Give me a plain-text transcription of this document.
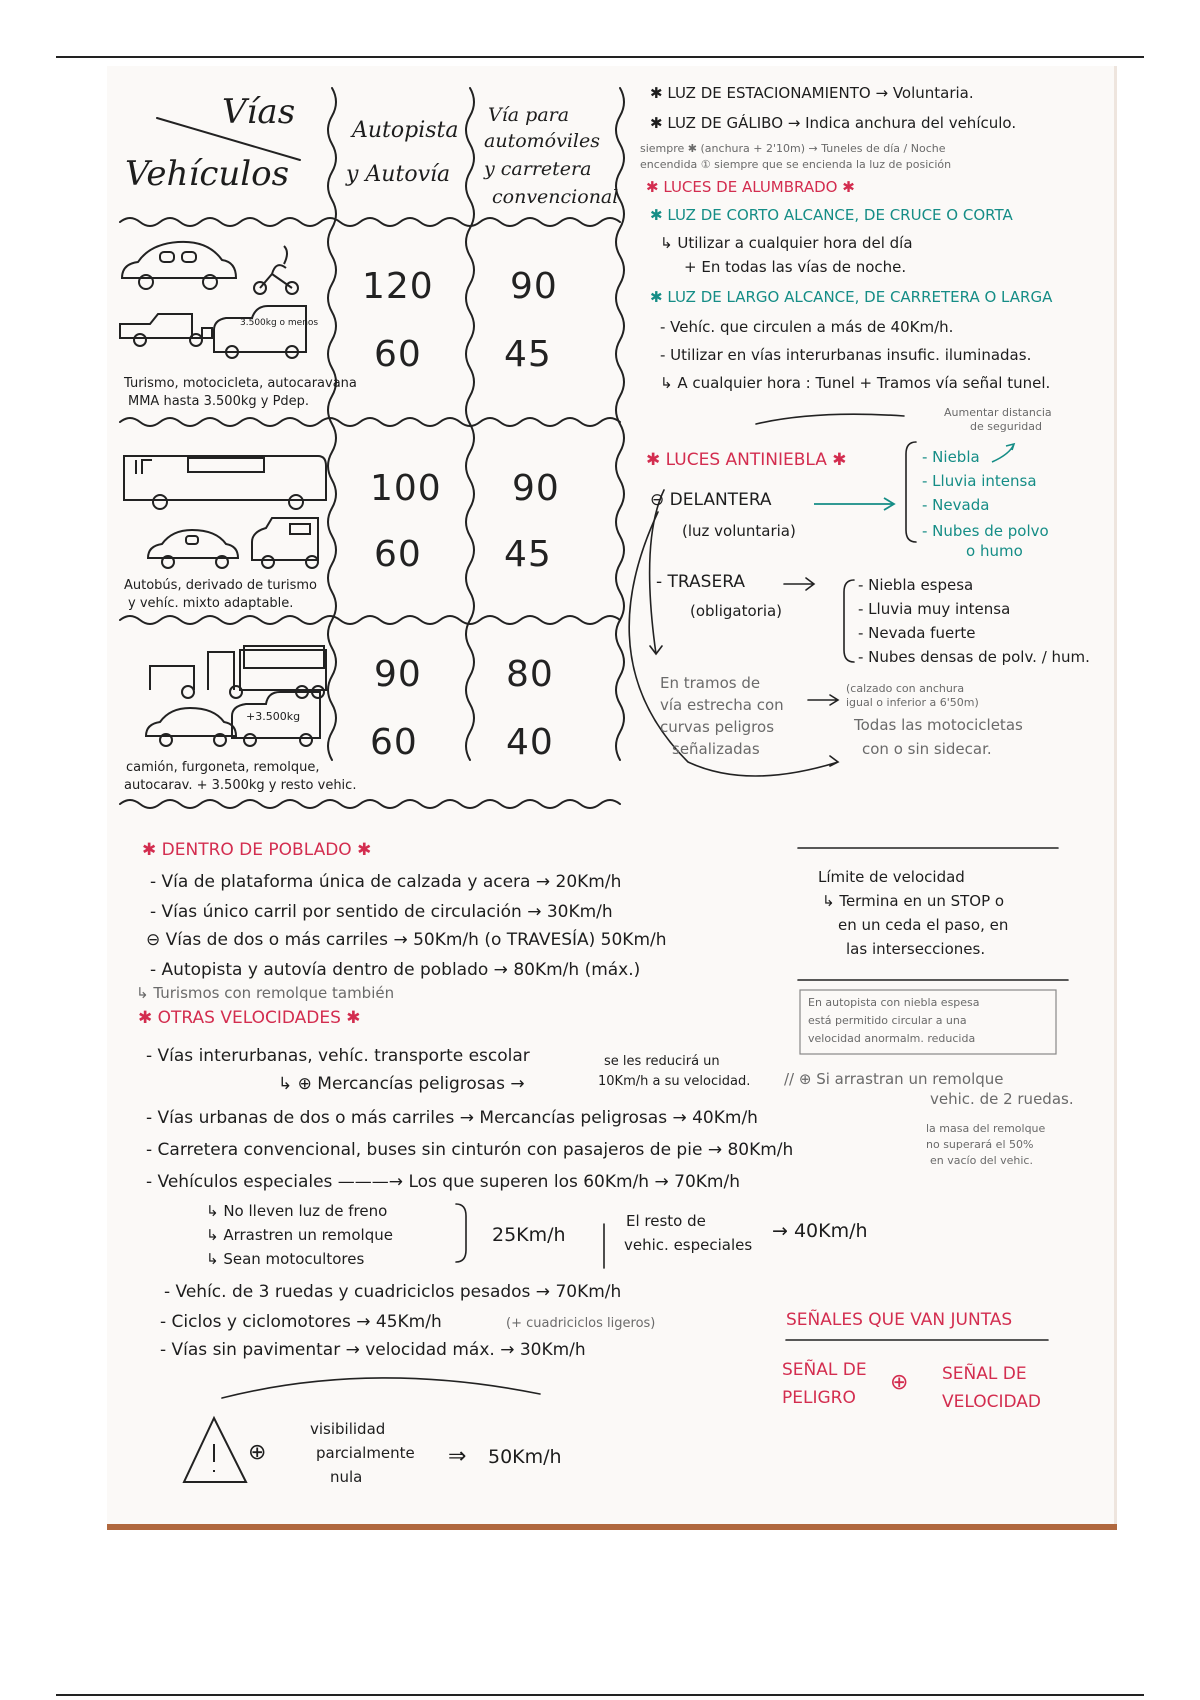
Vías
Vehículos
Autopista
y Autovía
Vía para
automóviles
y carretera
convencional
120 90
60 45
3.500kg o menos
Turismo, motocicleta, autocaravana
MMA hasta 3.500kg y Pdep.
100 90
60 45
Autobús, derivado de turismo
y vehíc. mixto adaptable.
90 80
60 40
+3.500kg
camión, furgoneta, remolque,
autocarav. + 3.500kg y resto vehic.
✱ LUZ DE ESTACIONAMIENTO → Voluntaria.
✱ LUZ DE GÁLIBO → Indica anchura del vehículo.
siempre ✱ (anchura + 2'10m) → Tuneles de día / Noche
encendida ① siempre que se encienda la luz de posición
✱ LUCES DE ALUMBRADO ✱
✱ LUZ DE CORTO ALCANCE, DE CRUCE O CORTA
↳ Utilizar a cualquier hora del día
+ En todas las vías de noche.
✱ LUZ DE LARGO ALCANCE, DE CARRETERA O LARGA
- Vehíc. que circulen a más de 40Km/h.
- Utilizar en vías interurbanas insufic. iluminadas.
↳ A cualquier hora : Tunel + Tramos vía señal tunel.
Aumentar distancia
de seguridad
✱ LUCES ANTINIEBLA ✱
⊖ DELANTERA
(luz voluntaria)
- Niebla
- Lluvia intensa
- Nevada
- Nubes de polvo
o humo
- TRASERA
(obligatoria)
- Niebla espesa
- Lluvia muy intensa
- Nevada fuerte
- Nubes densas de polv. / hum.
En tramos de
vía estrecha con
curvas peligros
señalizadas
(calzado con anchura
igual o inferior a 6'50m)
Todas las motocicletas
con o sin sidecar.
✱ DENTRO DE POBLADO ✱
- Vía de plataforma única de calzada y acera → 20Km/h
- Vías único carril por sentido de circulación → 30Km/h
⊖ Vías de dos o más carriles → 50Km/h (o TRAVESÍA) 50Km/h
- Autopista y autovía dentro de poblado → 80Km/h (máx.)
↳ Turismos con remolque también
Límite de velocidad
↳ Termina en un STOP o
en un ceda el paso, en
las intersecciones.
En autopista con niebla espesa
está permitido circular a una
velocidad anormalm. reducida
✱ OTRAS VELOCIDADES ✱
- Vías interurbanas, vehíc. transporte escolar
↳ ⊕ Mercancías peligrosas →
se les reducirá un
10Km/h a su velocidad. // ⊕ Si arrastran un remolque
vehic. de 2 ruedas.
la masa del remolque
no superará el 50%
en vacío del vehic.
- Vías urbanas de dos o más carriles → Mercancías peligrosas → 40Km/h
- Carretera convencional, buses sin cinturón con pasajeros de pie → 80Km/h
- Vehículos especiales ———→ Los que superen los 60Km/h → 70Km/h
↳ No lleven luz de freno
↳ Arrastren un remolque
↳ Sean motocultores
25Km/h
El resto de
vehic. especiales
→ 40Km/h
- Vehíc. de 3 ruedas y cuadriciclos pesados → 70Km/h
- Ciclos y ciclomotores → 45Km/h	(+ cuadriciclos ligeros)
- Vías sin pavimentar → velocidad máx. → 30Km/h
SEÑALES QUE VAN JUNTAS
SEÑAL DE
PELIGRO
⊕ SEÑAL DE
VELOCIDAD
⊕
visibilidad
parcialmente
nula
⇒ 50Km/h
